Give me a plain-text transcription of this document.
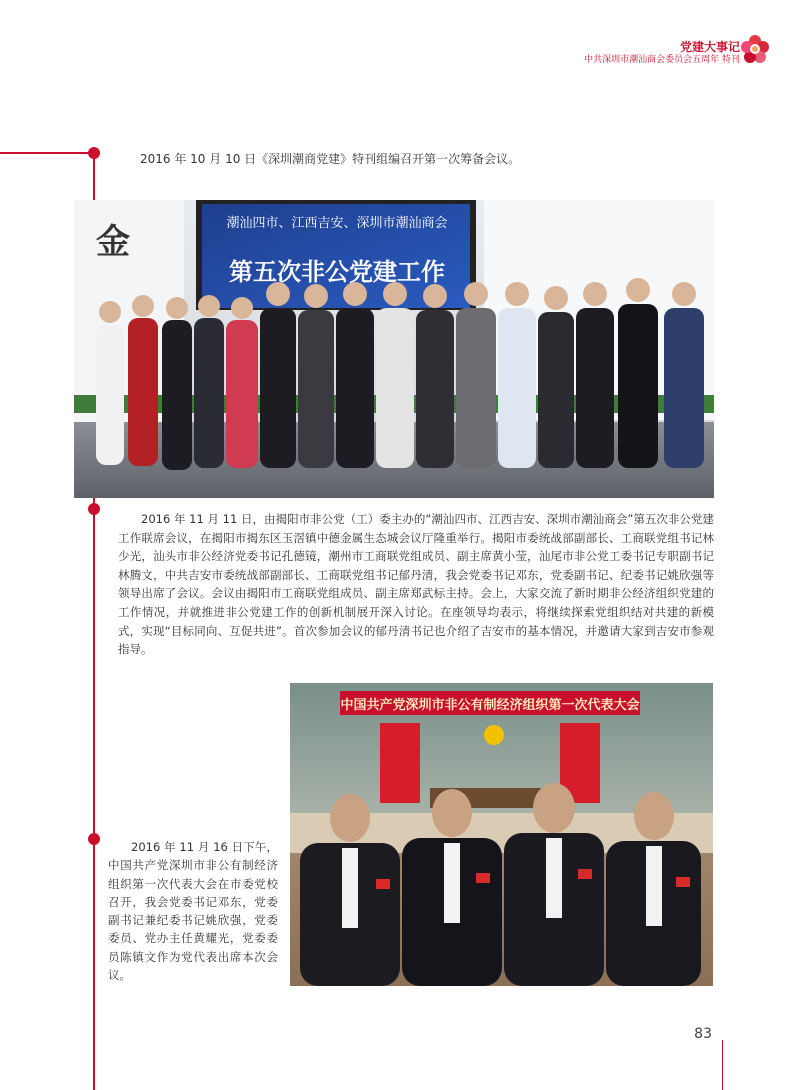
党建大事记
中共深圳市潮汕商会委员会五周年 特刊
2016 年 10 月 10 日《深圳潮商党建》特刊组编召开第一次筹备会议。
金	潮汕四市、江西吉安、深圳市潮汕商会
第五次非公党建工作

2016 年 11 月 11 日，由揭阳市非公党（工）委主办的“潮汕四市、江西吉安、深圳市潮汕商会”第五次非公党建工作联席会议，在揭阳市揭东区玉滘镇中德金属生态城会议厅隆重举行。揭阳市委统战部副部长、工商联党组书记林少光，汕头市非公经济党委书记孔德镜，潮州市工商联党组成员、副主席黄小莹，汕尾市非公党工委书记专职副书记林腾文，中共吉安市委统战部副部长、工商联党组书记郁丹清，我会党委书记邓东，党委副书记、纪委书记姚欣强等领导出席了会议。会议由揭阳市工商联党组成员、副主席郑武标主持。会上，大家交流了新时期非公经济组织党建的工作情况，并就推进非公党建工作的创新机制展开深入讨论。在座领导均表示，将继续探索党组织结对共建的新模式，实现“目标同向、互促共进”。首次参加会议的郁丹清书记也介绍了吉安市的基本情况，并邀请大家到吉安市参观指导。

中国共产党深圳市非公有制经济组织第一次代表大会

2016 年 11 月 16 日下午，中国共产党深圳市非公有制经济组织第一次代表大会在市委党校召开，我会党委书记邓东，党委副书记兼纪委书记姚欣强，党委委员、党办主任黄耀光，党委委员陈镇文作为党代表出席本次会议。

83
